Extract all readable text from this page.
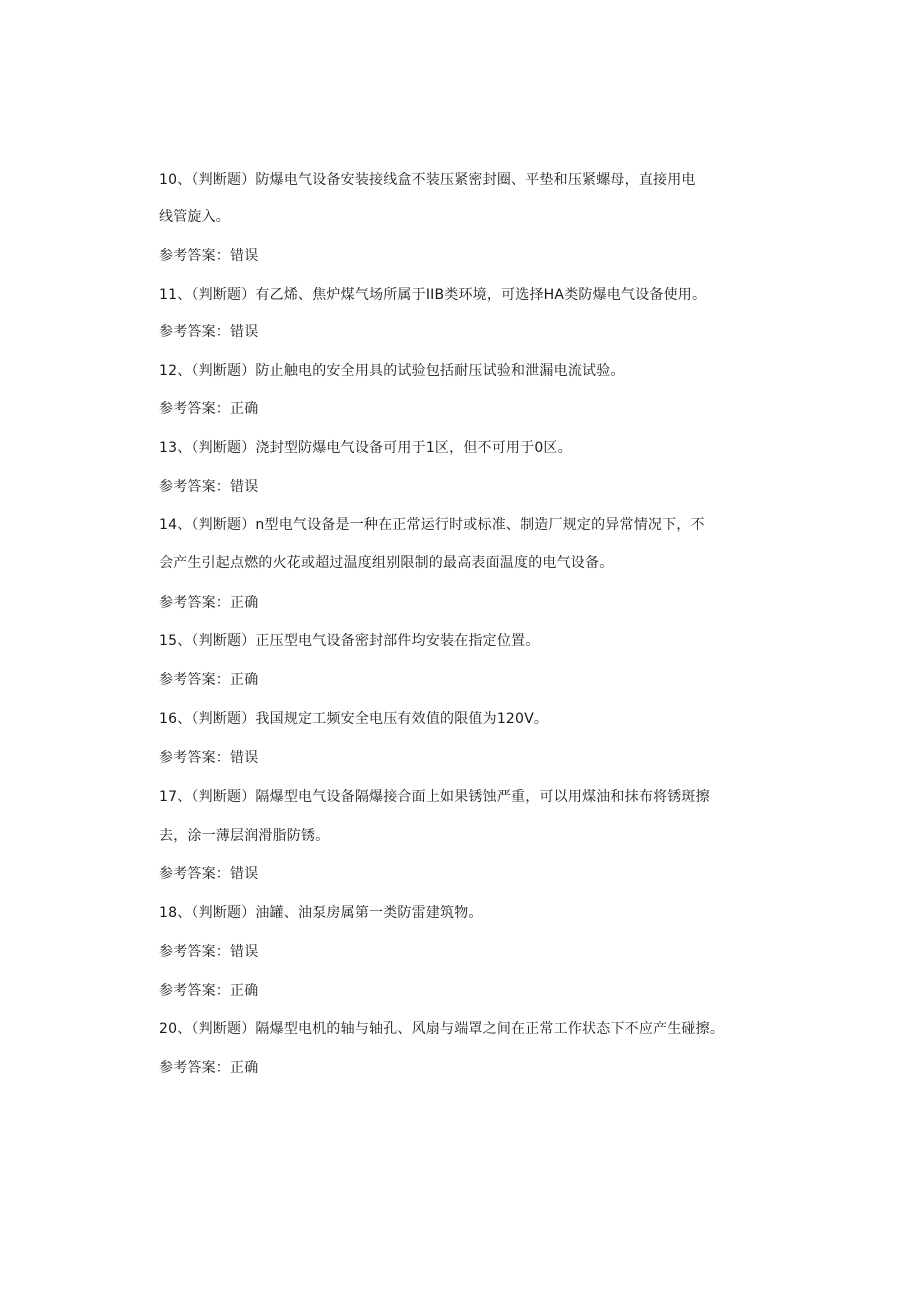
10、（判断题）防爆电气设备安装接线盒不装压紧密封圈、平垫和压紧螺母，直接用电
线管旋入。
参考答案：错误
11、（判断题）有乙烯、焦炉煤气场所属于IIB类环境，可选择HA类防爆电气设备使用。
参考答案：错误
12、（判断题）防止触电的安全用具的试验包括耐压试验和泄漏电流试验。
参考答案：正确
13、（判断题）浇封型防爆电气设备可用于1区，但不可用于0区。
参考答案：错误
14、（判断题）n型电气设备是一种在正常运行时或标准、制造厂规定的异常情况下，不
会产生引起点燃的火花或超过温度组别限制的最高表面温度的电气设备。
参考答案：正确
15、（判断题）正压型电气设备密封部件均安装在指定位置。
参考答案：正确
16、（判断题）我国规定工频安全电压有效值的限值为120V。
参考答案：错误
17、（判断题）隔爆型电气设备隔爆接合面上如果锈蚀严重，可以用煤油和抹布将锈斑擦
去，涂一薄层润滑脂防锈。
参考答案：错误
18、（判断题）油罐、油泵房属第一类防雷建筑物。
参考答案：错误
参考答案：正确
20、（判断题）隔爆型电机的轴与轴孔、风扇与端罩之间在正常工作状态下不应产生碰擦。
参考答案：正确
